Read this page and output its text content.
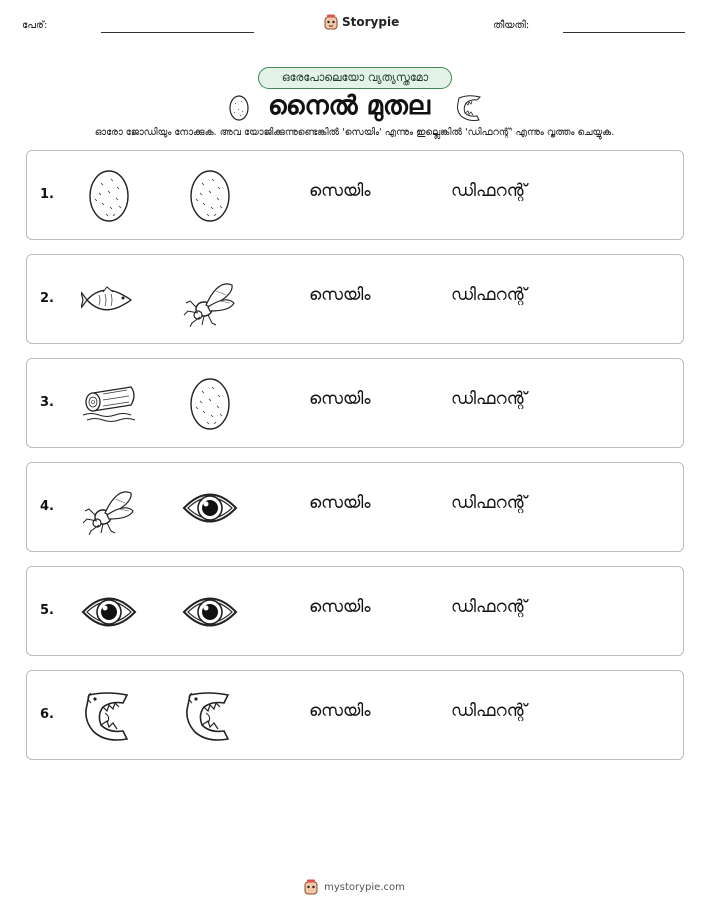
പേര്:	Storypie	തീയതി:
ഒരേപോലെയോ വ്യത്യസ്തമോ
നൈൽ മുതല
ഓരോ ജോഡിയും നോക്കുക. അവ യോജിക്കുന്നുണ്ടെങ്കിൽ 'സെയിം' എന്നും ഇല്ലെങ്കിൽ 'ഡിഫറന്റ്' എന്നും വൃത്തം ചെയ്യുക.
1.	സെയിം	ഡിഫറന്റ്
2.	സെയിം	ഡിഫറന്റ്
3.	സെയിം	ഡിഫറന്റ്
4.	സെയിം	ഡിഫറന്റ്
5.	സെയിം	ഡിഫറന്റ്
6.	സെയിം	ഡിഫറന്റ്
mystorypie.com
